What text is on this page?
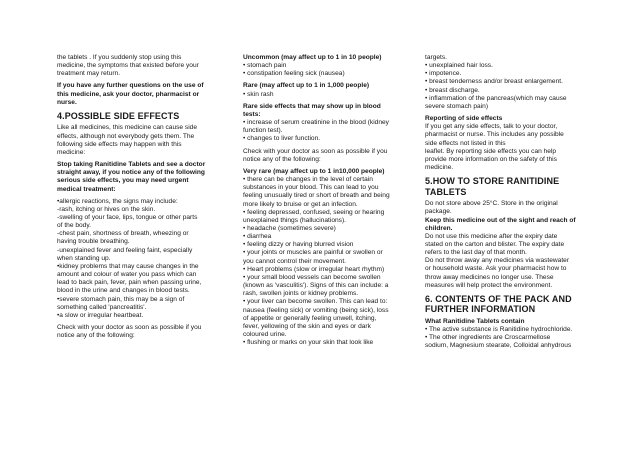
the tablets . If you suddenly stop using this
medicine, the symptoms that existed before your
treatment may return.

If you have any further questions on the use of
this medicine, ask your doctor, pharmacist or
nurse.

4.POSSIBLE SIDE EFFECTS

Like all medicines, this medicine can cause side
effects, although not everybody gets them. The
following side effects may happen with this
medicine:

Stop taking Ranitidine Tablets and see a doctor
straight away, if you notice any of the following
serious side effects, you may need urgent
medical treatment:

•allergic reactions, the signs may include:
-rash, itching or hives on the skin.
-swelling of your face, lips, tongue or other parts
of the body.
-chest pain, shortness of breath, wheezing or
having trouble breathing.
-unexplained fever and feeling faint, especially
when standing up.
•kidney problems that may cause changes in the
amount and colour of water you pass which can
lead to back pain, fever, pain when passing urine,
blood in the urine and changes in blood tests.
•severe stomach pain, this may be a sign of
something called 'pancreatitis'.
•a slow or irregular heartbeat.

Check with your doctor as soon as possible if you
notice any of the following:

Uncommon (may affect up to 1 in 10 people)

• stomach pain
• constipation feeling sick (nausea)

Rare (may affect up to 1 in 1,000 people)

• skin rash

Rare side effects that may show up in blood
tests:

• increase of serum creatinine in the blood (kidney
function test).
• changes to liver function.

Check with your doctor as soon as possible if you
notice any of the following:

Very rare (may affect up to 1 in10,000 people)

• there can be changes in the level of certain
substances in your blood. This can lead to you
feeling unusually tired or short of breath and being
more likely to bruise or get an infection.
• feeling depressed, confused, seeing or hearing
unexplained things (hallucinations).
• headache (sometimes severe)
• diarrhea
• feeling dizzy or having blurred vision
• your joints or muscles are painful or swollen or
you cannot control their movement.
• Heart problems (slow or irregular heart rhythm)
• your small blood vessels can become swollen
(known as 'vasculitis'). Signs of this can include: a
rash, swollen joints or kidney problems.
• your liver can become swollen. This can lead to:
nausea (feeling sick) or vomiting (being sick), loss
of appetite or generally feeling unwell, itching,
fever, yellowing of the skin and eyes or dark
coloured urine.
• flushing or marks on your skin that look like

targets.
• unexplained hair loss.
• impotence.
• breast tenderness and/or breast enlargement.
• breast discharge.
• inflammation of the pancreas(which may cause
severe stomach pain)

Reporting of side effects

If you get any side effects, talk to your doctor,
pharmacist or nurse. This includes any possible
side effects not listed in this
leaflet. By reporting side effects you can help
provide more information on the safety of this
medicine.

5.HOW TO STORE RANITIDINE
TABLETS
Do not store above 25°C. Store in the original
package.
Keep this medicine out of the sight and reach of
children.

Do not use this medicine after the expiry date
stated on the carton and blister. The expiry date
refers to the last day of that month.
Do not throw away any medicines via wastewater
or household waste. Ask your pharmacist how to
throw away medicines no longer use. These
measures will help protect the environment.

6. CONTENTS OF THE PACK AND
FURTHER INFORMATION
What Ranitidine Tablets contain

• The active substance is Ranitidine hydrochloride.
• The other ingredients are Croscarmellose
sodium, Magnesium stearate, Colloidal anhydrous
